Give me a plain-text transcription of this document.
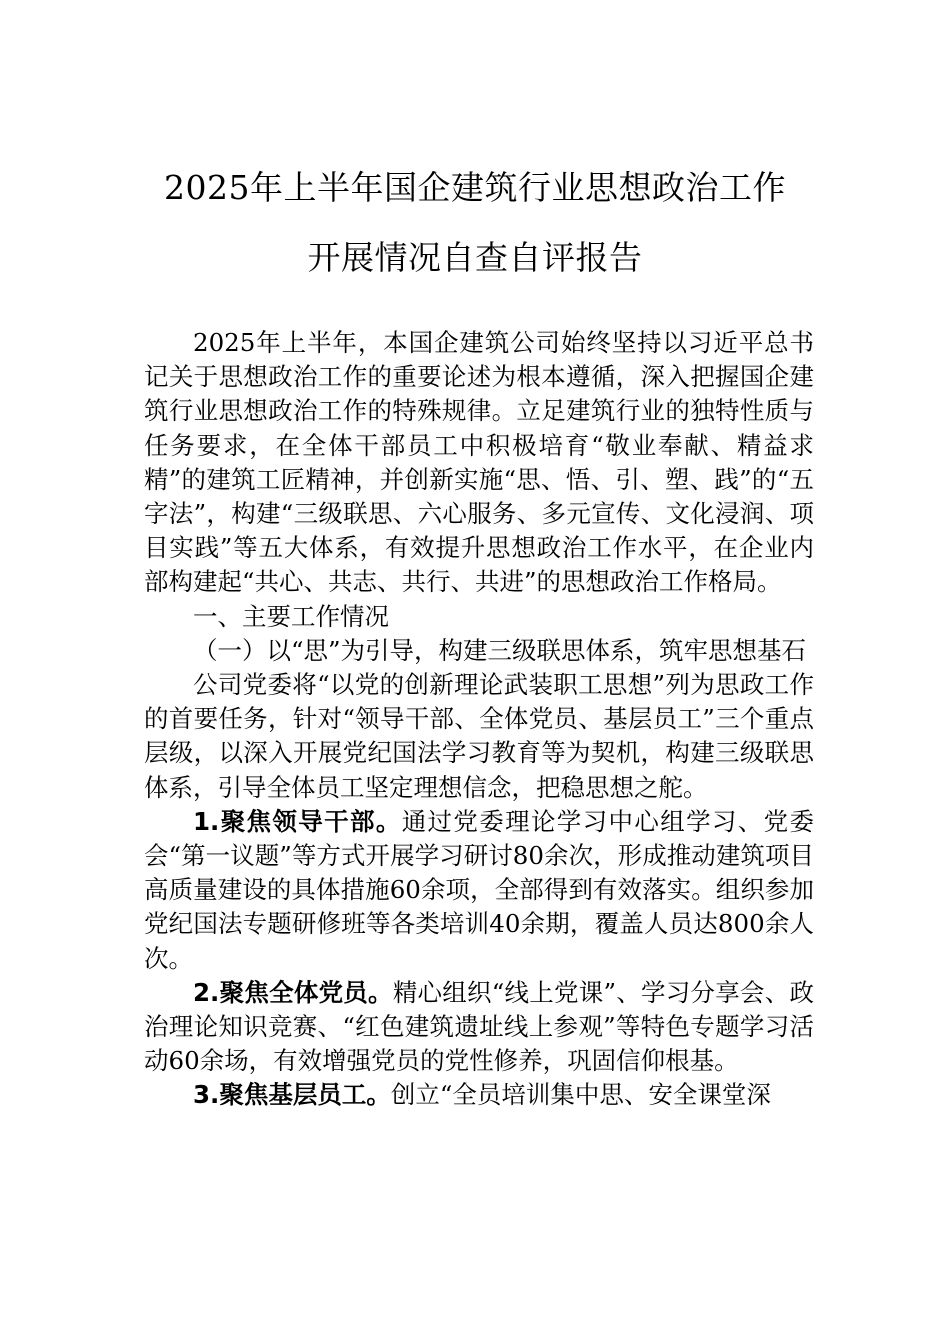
2025年上半年国企建筑行业思想政治工作
开展情况自查自评报告

2025年上半年，本国企建筑公司始终坚持以习近平总书记关于思想政治工作的重要论述为根本遵循，深入把握国企建筑行业思想政治工作的特殊规律。立足建筑行业的独特性质与任务要求，在全体干部员工中积极培育“敬业奉献、精益求精”的建筑工匠精神，并创新实施“思、悟、引、塑、践”的“五字法”，构建“三级联思、六心服务、多元宣传、文化浸润、项目实践”等五大体系，有效提升思想政治工作水平，在企业内部构建起“共心、共志、共行、共进”的思想政治工作格局。

一、主要工作情况

（一）以“思”为引导，构建三级联思体系，筑牢思想基石

公司党委将“以党的创新理论武装职工思想”列为思政工作的首要任务，针对“领导干部、全体党员、基层员工”三个重点层级，以深入开展党纪国法学习教育等为契机，构建三级联思体系，引导全体员工坚定理想信念，把稳思想之舵。

1.聚焦领导干部。通过党委理论学习中心组学习、党委会“第一议题”等方式开展学习研讨80余次，形成推动建筑项目高质量建设的具体措施60余项，全部得到有效落实。组织参加党纪国法专题研修班等各类培训40余期，覆盖人员达800余人次。

2.聚焦全体党员。精心组织“线上党课”、学习分享会、政治理论知识竞赛、“红色建筑遗址线上参观”等特色专题学习活动60余场，有效增强党员的党性修养，巩固信仰根基。

3.聚焦基层员工。创立“全员培训集中思、安全课堂深
